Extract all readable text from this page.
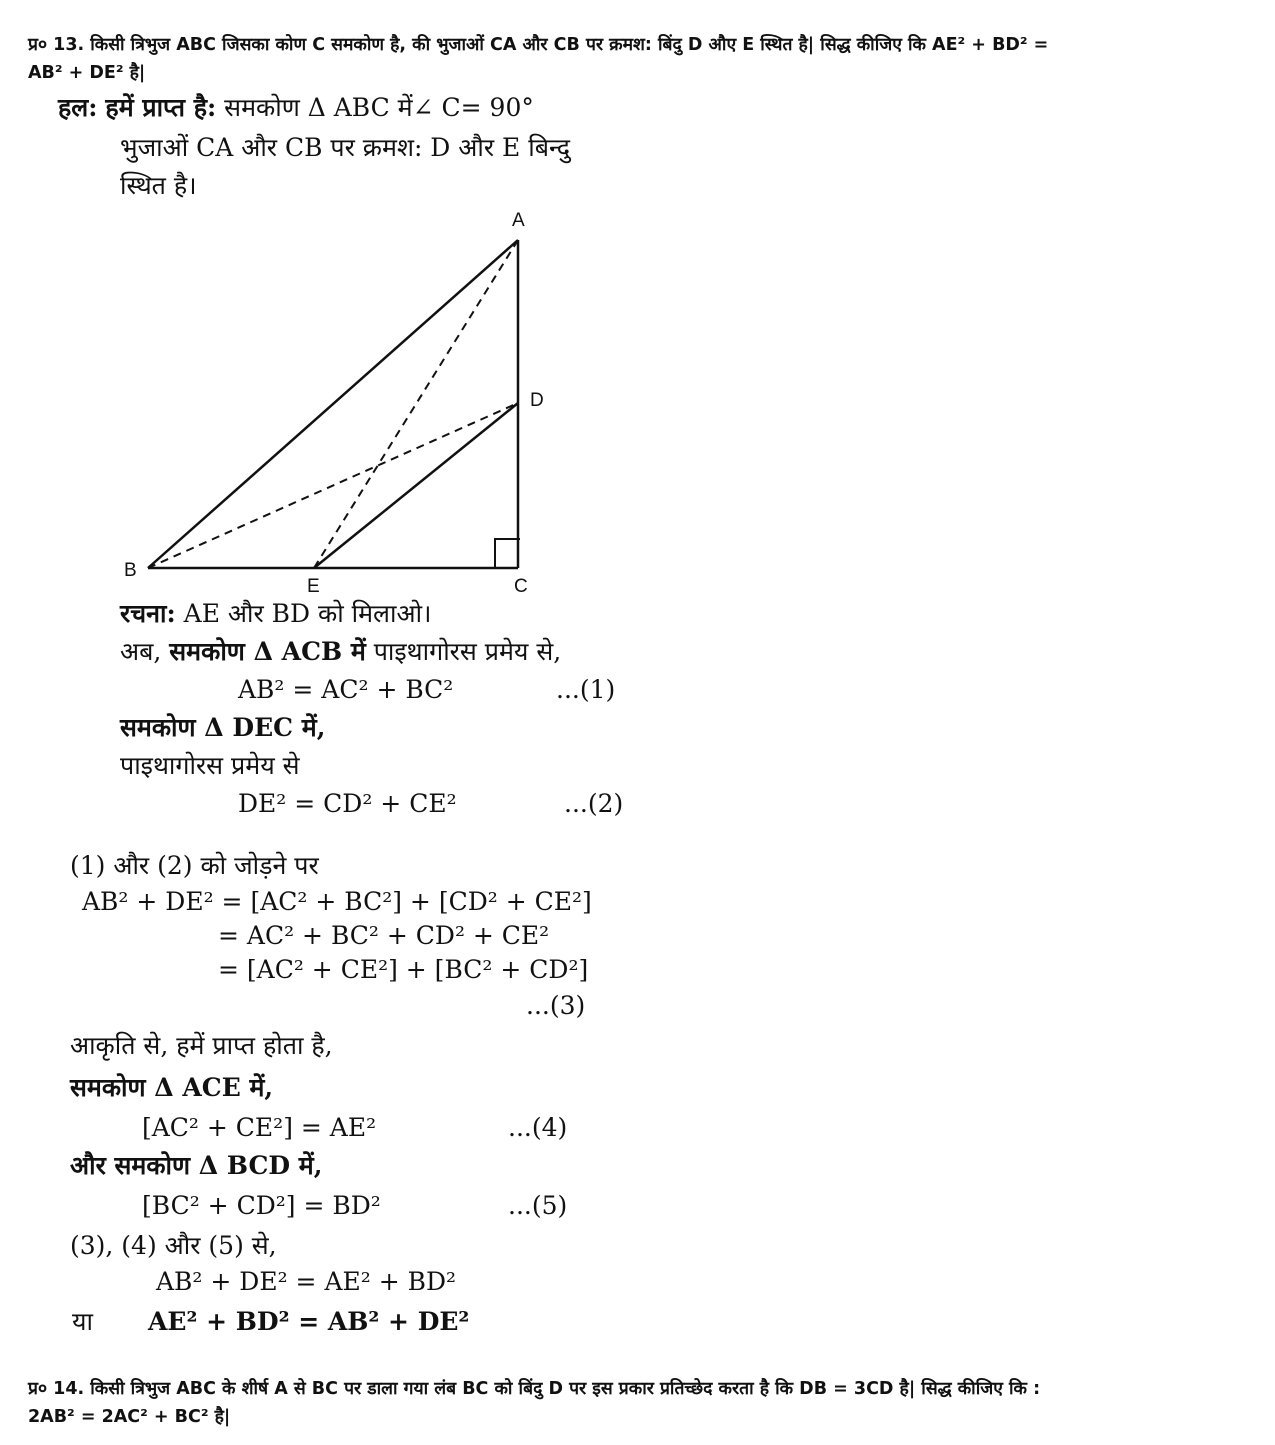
प्र० 13. किसी त्रिभुज ABC जिसका कोण C समकोण है, की भुजाओं CA और CB पर क्रमश: बिंदु D औए E स्थित है| सिद्ध कीजिए कि AE² + BD² =
AB² + DE² है|
हल: हमें प्राप्त है: समकोण Δ ABC में∠ C= 90°
भुजाओं CA और CB पर क्रमश: D और E बिन्दु
स्थित है।
A
B
C
D
E
रचना: AE और BD को मिलाओ।
अब, समकोण Δ ACB में पाइथागोरस प्रमेय से,
AB² = AC² + BC²	...(1)
समकोण Δ DEC में,
पाइथागोरस प्रमेय से
DE² = CD² + CE²	...(2)
(1) और (2) को जोड़ने पर
AB² + DE² = [AC² + BC²] + [CD² + CE²]
= AC² + BC² + CD² + CE²
= [AC² + CE²] + [BC² + CD²]
...(3)
आकृति से, हमें प्राप्त होता है,
समकोण Δ ACE में,
[AC² + CE²] = AE²	...(4)
और समकोण Δ BCD में,
[BC² + CD²] = BD²	...(5)
(3), (4) और (5) से,
AB² + DE² = AE² + BD²
या AE² + BD² = AB² + DE²
प्र० 14. किसी त्रिभुज ABC के शीर्ष A से BC पर डाला गया लंब BC को बिंदु D पर इस प्रकार प्रतिच्छेद करता है कि DB = 3CD है| सिद्ध कीजिए कि :
2AB² = 2AC² + BC² है|
